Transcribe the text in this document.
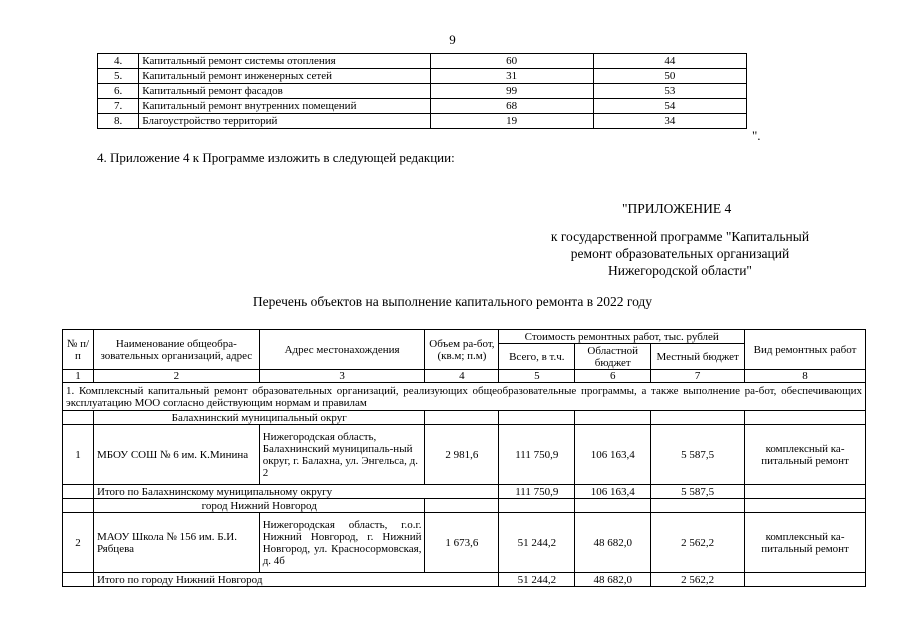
9
4.	Капитальный ремонт системы отопления	60	44
5.	Капитальный ремонт инженерных сетей	31	50
6.	Капитальный ремонт фасадов	99	53
7.	Капитальный ремонт внутренних помещений	68	54
8.	Благоустройство территорий	19	34
".
4. Приложение 4 к Программе изложить в следующей редакции:
"ПРИЛОЖЕНИЕ 4
к государственной программе "Капитальный
ремонт образовательных организаций
Нижегородской области"
Перечень объектов на выполнение капитального ремонта в 2022 году
№ п/п	Наименование общеобра-зовательных организаций, адрес	Адрес местонахождения	Объем ра-бот, (кв.м; п.м)	Стоимость ремонтных работ, тыс. рублей			Вид ремонтных работ
				Всего, в т.ч.	Областной бюджет	Местный бюджет	
1	2	3	4	5	6	7	8
1. Комплексный капитальный ремонт образовательных организаций, реализующих общеобразовательные программы, а также выполнение ра-бот, обеспечивающих эксплуатацию МОО согласно действующим нормам и правилам							
	Балахнинский муниципальный округ						
1	МБОУ СОШ № 6 им. К.Минина	Нижегородская область, Балахнинский муниципаль-ный округ, г. Балахна, ул. Энгельса, д. 2	2 981,6	111 750,9	106 163,4	5 587,5	комплексный ка-питальный ремонт
	Итого по Балахнинскому муниципальному округу			111 750,9	106 163,4	5 587,5	
	город Нижний Новгород						
2	МАОУ Школа № 156 им. Б.И. Рябцева	Нижегородская область, г.о.г. Нижний Новгород, г. Нижний Новгород, ул. Красносормовская, д. 4б	1 673,6	51 244,2	48 682,0	2 562,2	комплексный ка-питальный ремонт
	Итого по городу Нижний Новгород			51 244,2	48 682,0	2 562,2	
